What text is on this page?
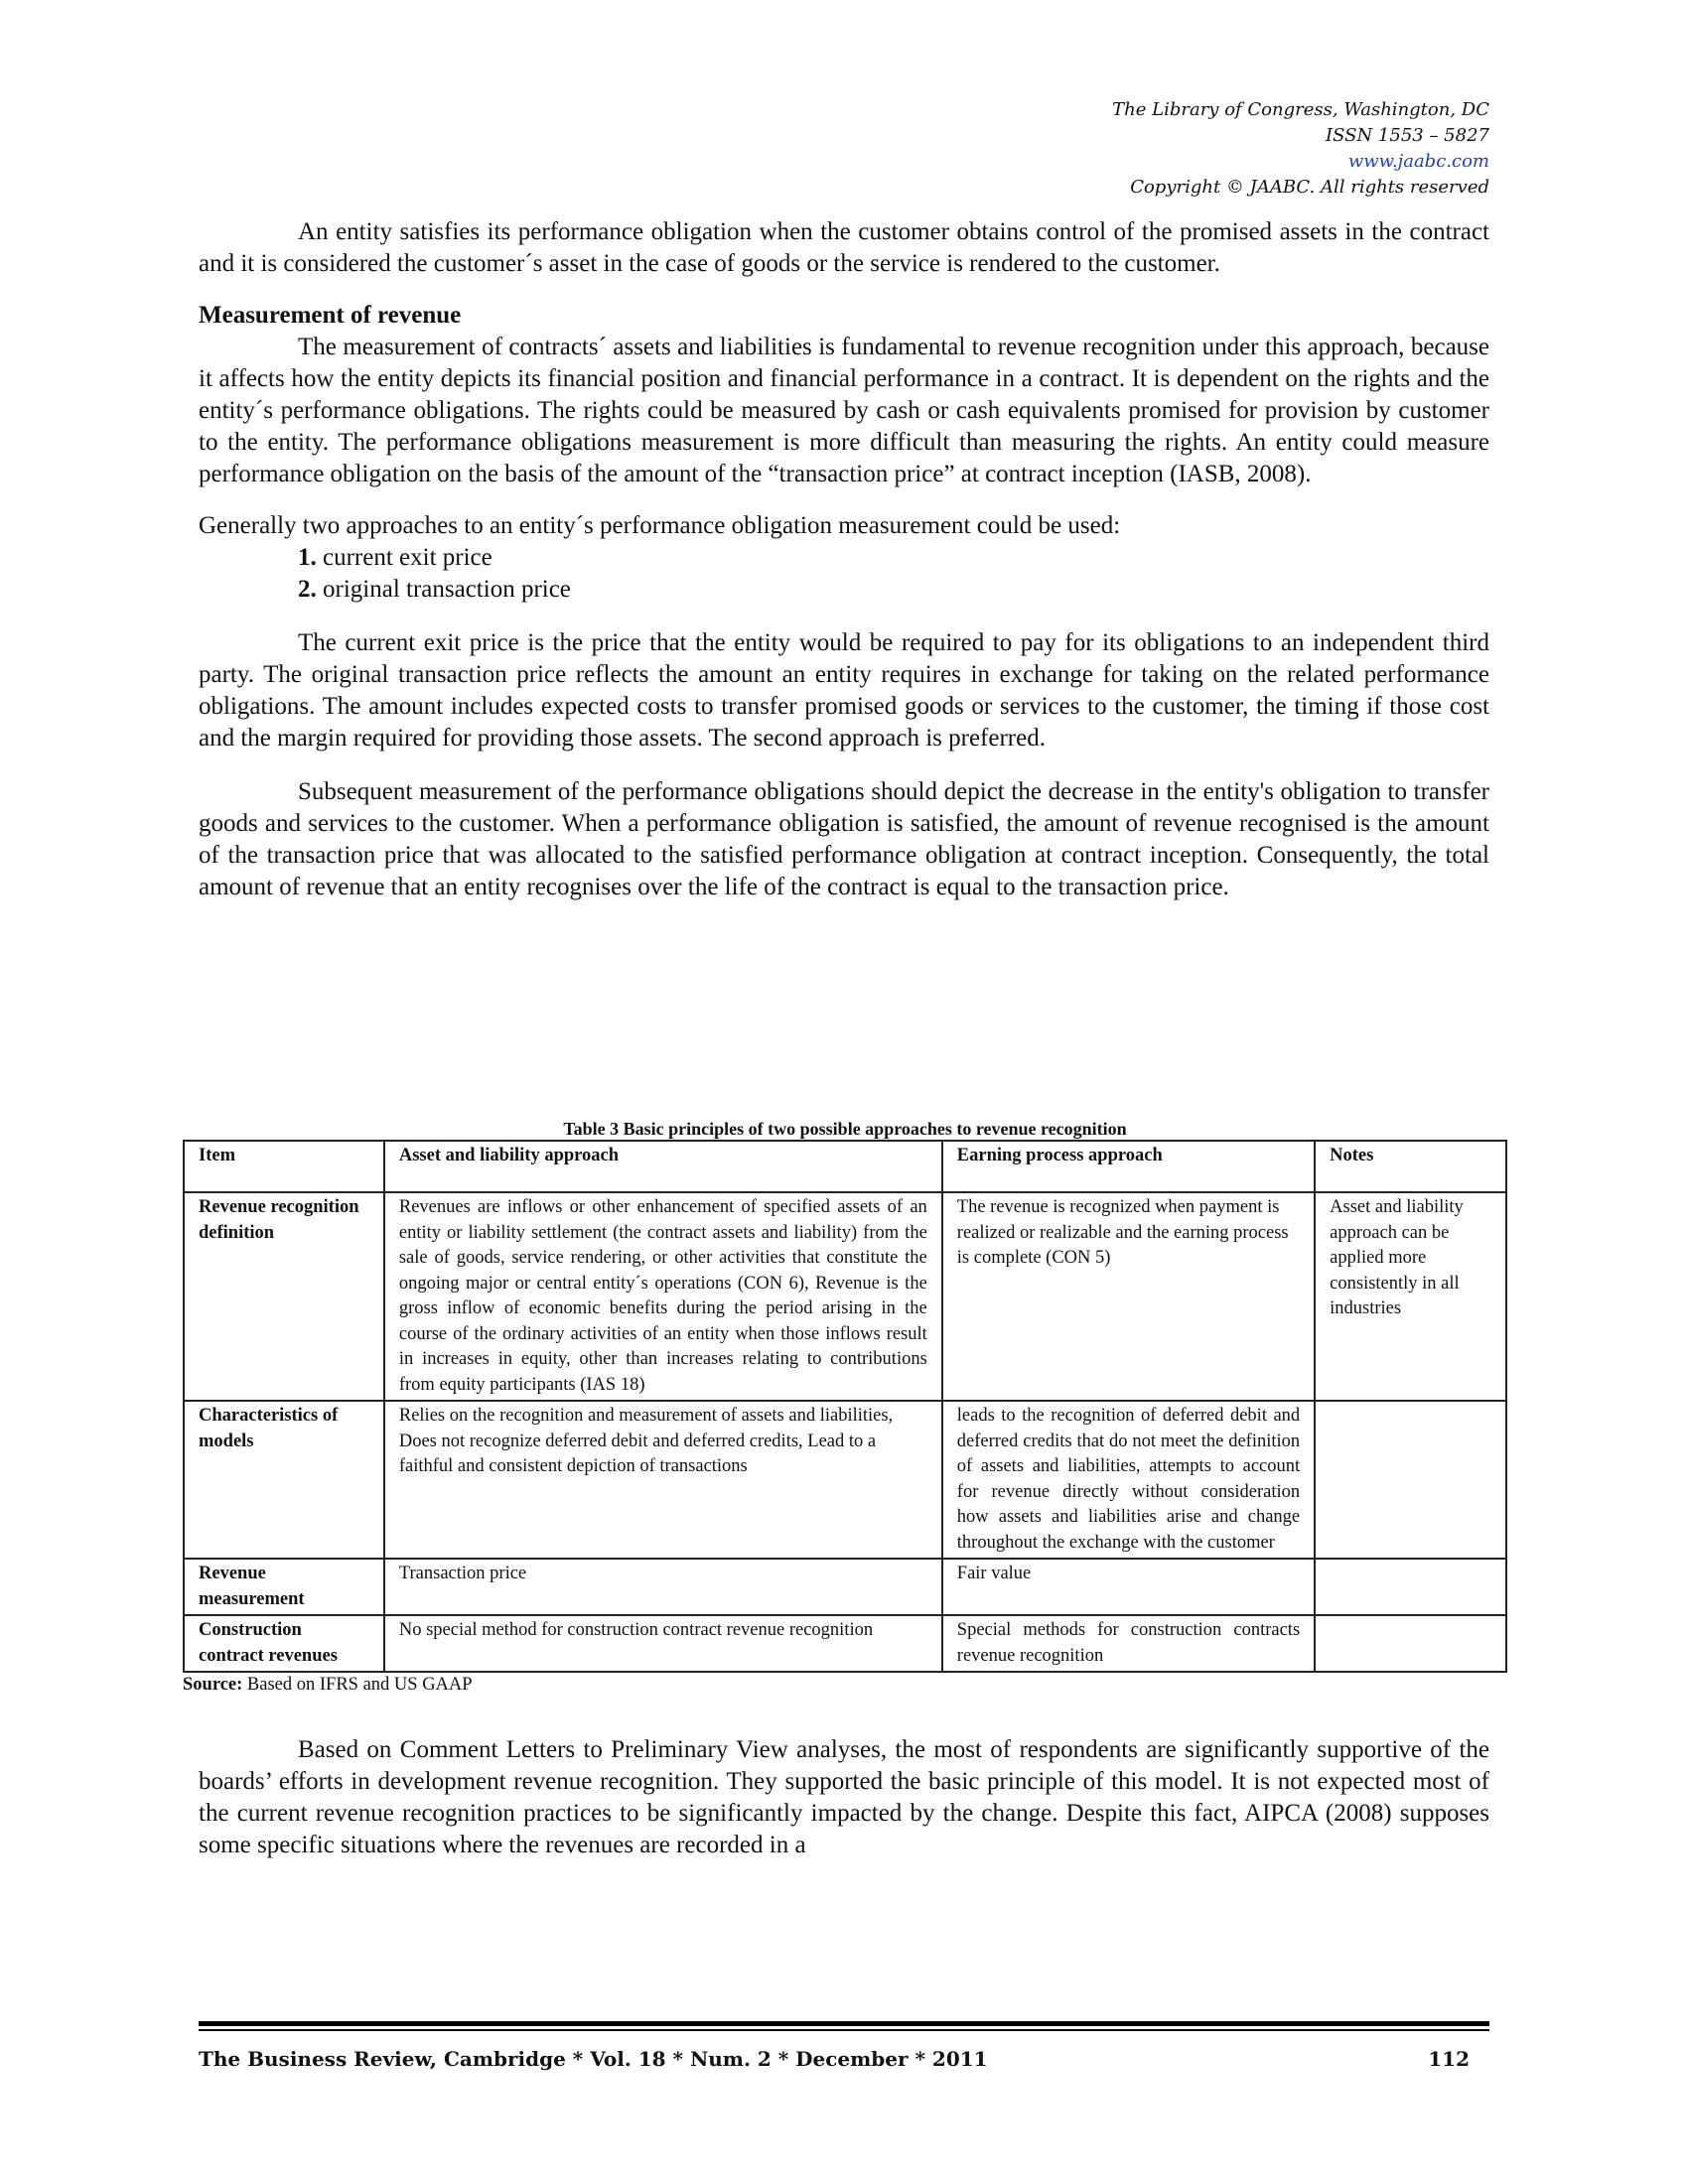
The Library of Congress, Washington, DC
ISSN 1553 – 5827
www.jaabc.com
Copyright © JAABC. All rights reserved

An entity satisfies its performance obligation when the customer obtains control of the promised assets in the contract and it is considered the customer´s asset in the case of goods or the service is rendered to the customer.

Measurement of revenue

The measurement of contracts´ assets and liabilities is fundamental to revenue recognition under this approach, because it affects how the entity depicts its financial position and financial performance in a contract. It is dependent on the rights and the entity´s performance obligations. The rights could be measured by cash or cash equivalents promised for provision by customer to the entity. The performance obligations measurement is more difficult than measuring the rights. An entity could measure performance obligation on the basis of the amount of the “transaction price” at contract inception (IASB, 2008).

Generally two approaches to an entity´s performance obligation measurement could be used:

1. current exit price
2. original transaction price

The current exit price is the price that the entity would be required to pay for its obligations to an independent third party. The original transaction price reflects the amount an entity requires in exchange for taking on the related performance obligations. The amount includes expected costs to transfer promised goods or services to the customer, the timing if those cost and the margin required for providing those assets. The second approach is preferred.

Subsequent measurement of the performance obligations should depict the decrease in the entity's obligation to transfer goods and services to the customer. When a performance obligation is satisfied, the amount of revenue recognised is the amount of the transaction price that was allocated to the satisfied performance obligation at contract inception. Consequently, the total amount of revenue that an entity recognises over the life of the contract is equal to the transaction price.

Table 3 Basic principles of two possible approaches to revenue recognition
Item	Asset and liability approach	Earning process approach	Notes
Revenue recognition definition	Revenues are inflows or other enhancement of specified assets of an entity or liability settlement (the contract assets and liability) from the sale of goods, service rendering, or other activities that constitute the ongoing major or central entity´s operations (CON 6), Revenue is the gross inflow of economic benefits during the period arising in the course of the ordinary activities of an entity when those inflows result in increases in equity, other than increases relating to contributions from equity participants (IAS 18)	The revenue is recognized when payment is realized or realizable and the earning process is complete (CON 5)	Asset and liability approach can be applied more consistently in all industries
Characteristics of models	Relies on the recognition and measurement of assets and liabilities, Does not recognize deferred debit and deferred credits, Lead to a faithful and consistent depiction of transactions	leads to the recognition of deferred debit and deferred credits that do not meet the definition of assets and liabilities, attempts to account for revenue directly without consideration how assets and liabilities arise and change throughout the exchange with the customer	
Revenue measurement	Transaction price	Fair value	
Construction contract revenues	No special method for construction contract revenue recognition	Special methods for construction contracts revenue recognition	
Source: Based on IFRS and US GAAP

Based on Comment Letters to Preliminary View analyses, the most of respondents are significantly supportive of the boards’ efforts in development revenue recognition. They supported the basic principle of this model. It is not expected most of the current revenue recognition practices to be significantly impacted by the change. Despite this fact, AIPCA (2008) supposes some specific situations where the revenues are recorded in a

The Business Review, Cambridge * Vol. 18 * Num. 2 * December * 2011	112
